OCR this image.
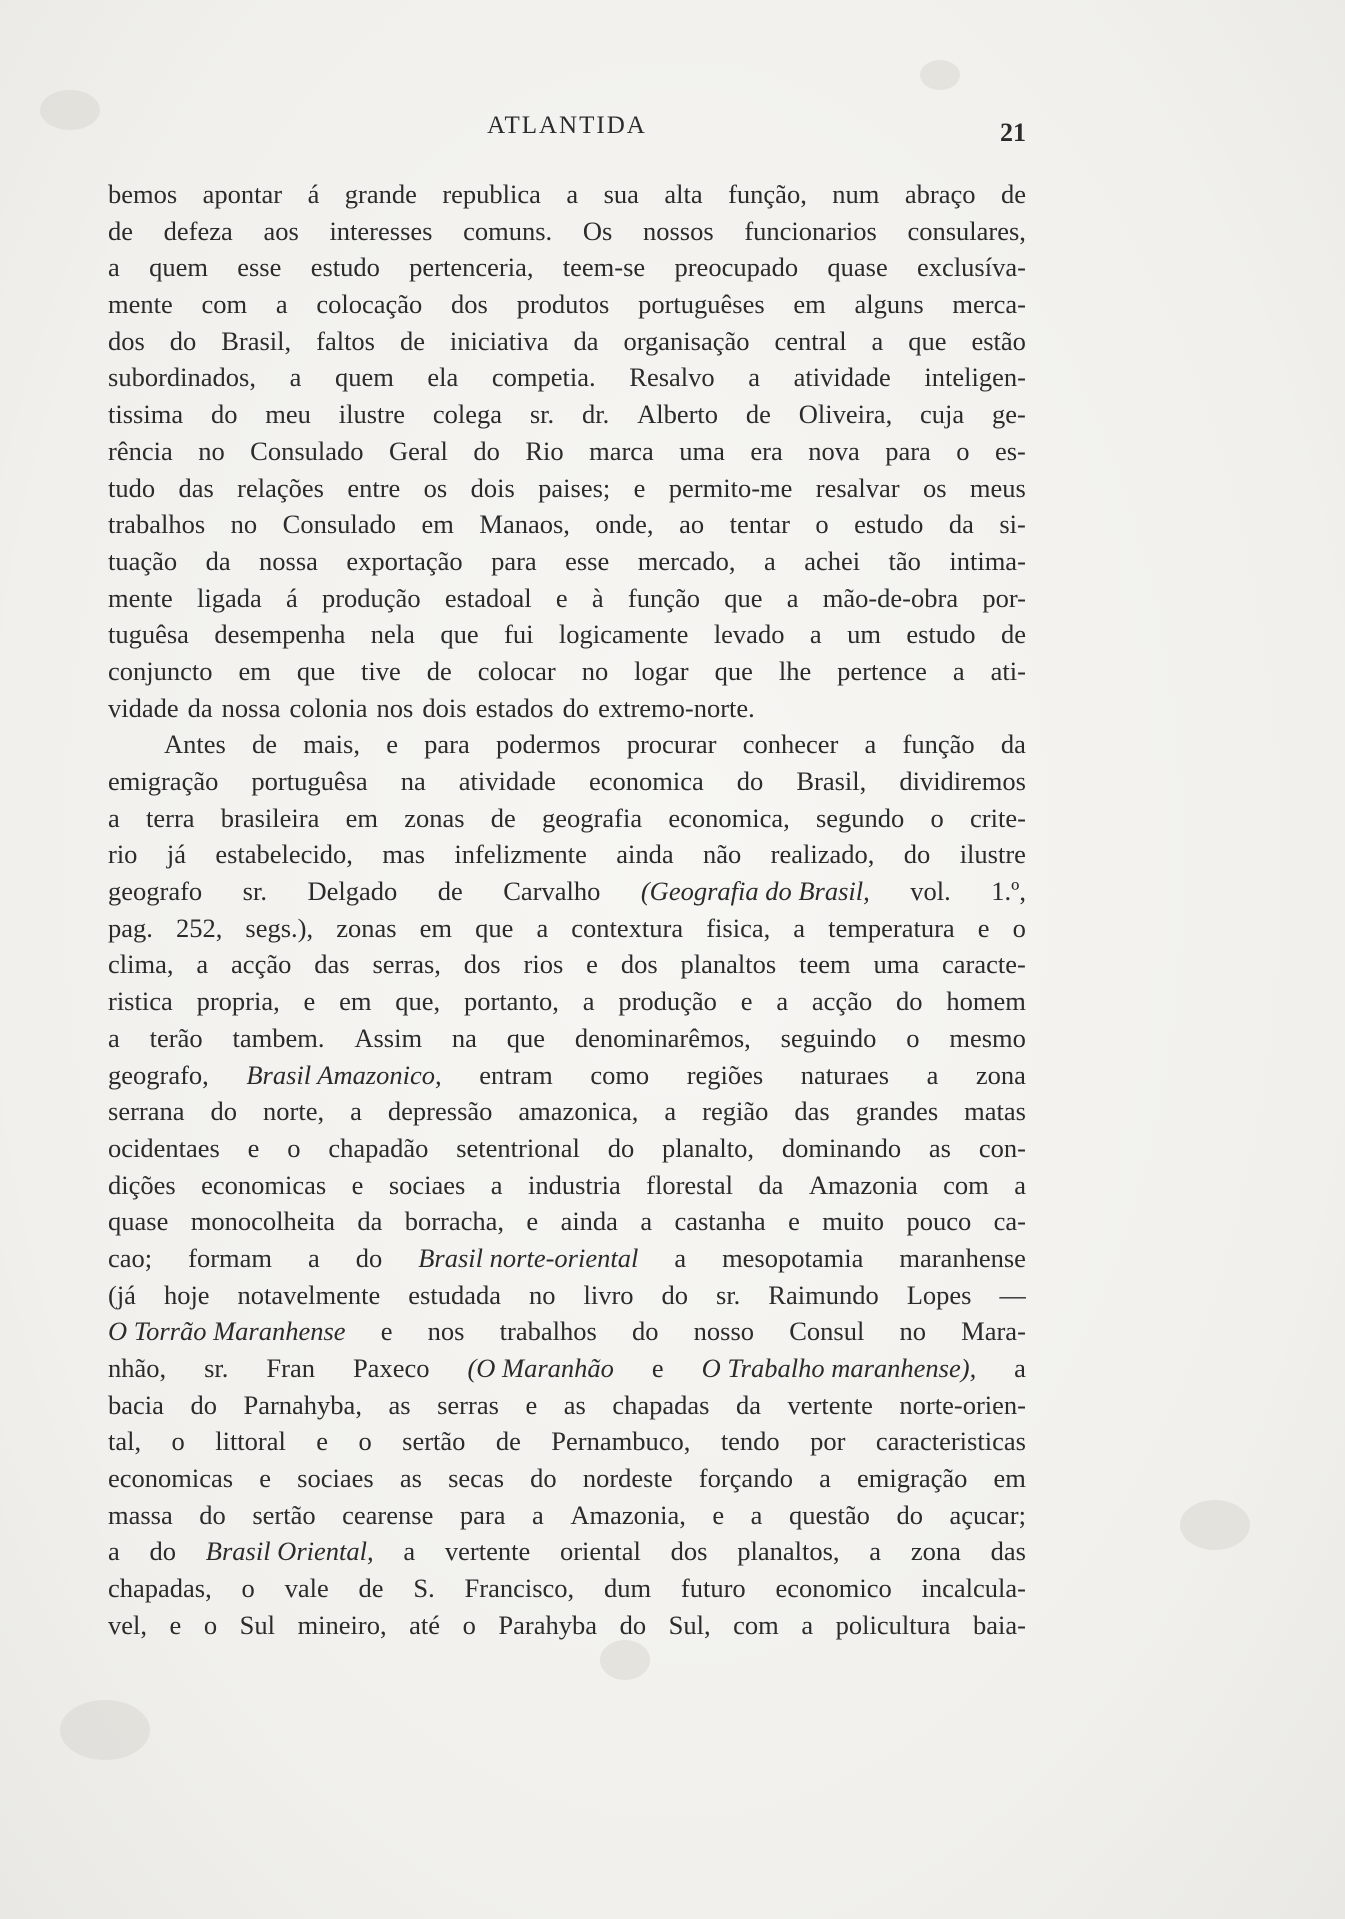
ATLANTIDA	21
bemos apontar á grande republica a sua alta função, num abraço de
de defeza aos interesses comuns. Os nossos funcionarios consulares,
a quem esse estudo pertenceria, teem-se preocupado quase exclusíva-
mente com a colocação dos produtos portuguêses em alguns merca-
dos do Brasil, faltos de iniciativa da organisação central a que estão
subordinados, a quem ela competia. Resalvo a atividade inteligen-
tissima do meu ilustre colega sr. dr. Alberto de Oliveira, cuja ge-
rência no Consulado Geral do Rio marca uma era nova para o es-
tudo das relações entre os dois paises; e permito-me resalvar os meus
trabalhos no Consulado em Manaos, onde, ao tentar o estudo da si-
tuação da nossa exportação para esse mercado, a achei tão intima-
mente ligada á produção estadoal e à função que a mão-de-obra por-
tuguêsa desempenha nela que fui logicamente levado a um estudo de
conjuncto em que tive de colocar no logar que lhe pertence a ati-
vidade da nossa colonia nos dois estados do extremo-norte.
Antes de mais, e para podermos procurar conhecer a função da
emigração portuguêsa na atividade economica do Brasil, dividiremos
a terra brasileira em zonas de geografia economica, segundo o crite-
rio já estabelecido, mas infelizmente ainda não realizado, do ilustre
geografo sr. Delgado de Carvalho (Geografia do Brasil, vol. 1.º,
pag. 252, segs.), zonas em que a contextura fisica, a temperatura e o
clima, a acção das serras, dos rios e dos planaltos teem uma caracte-
ristica propria, e em que, portanto, a produção e a acção do homem
a terão tambem. Assim na que denominarêmos, seguindo o mesmo
geografo, Brasil Amazonico, entram como regiões naturaes a zona
serrana do norte, a depressão amazonica, a região das grandes matas
ocidentaes e o chapadão setentrional do planalto, dominando as con-
dições economicas e sociaes a industria florestal da Amazonia com a
quase monocolheita da borracha, e ainda a castanha e muito pouco ca-
cao; formam a do Brasil norte-oriental a mesopotamia maranhense
(já hoje notavelmente estudada no livro do sr. Raimundo Lopes —
O Torrão Maranhense e nos trabalhos do nosso Consul no Mara-
nhão, sr. Fran Paxeco (O Maranhão e O Trabalho maranhense), a
bacia do Parnahyba, as serras e as chapadas da vertente norte-orien-
tal, o littoral e o sertão de Pernambuco, tendo por caracteristicas
economicas e sociaes as secas do nordeste forçando a emigração em
massa do sertão cearense para a Amazonia, e a questão do açucar;
a do Brasil Oriental, a vertente oriental dos planaltos, a zona das
chapadas, o vale de S. Francisco, dum futuro economico incalcula-
vel, e o Sul mineiro, até o Parahyba do Sul, com a policultura baia-
